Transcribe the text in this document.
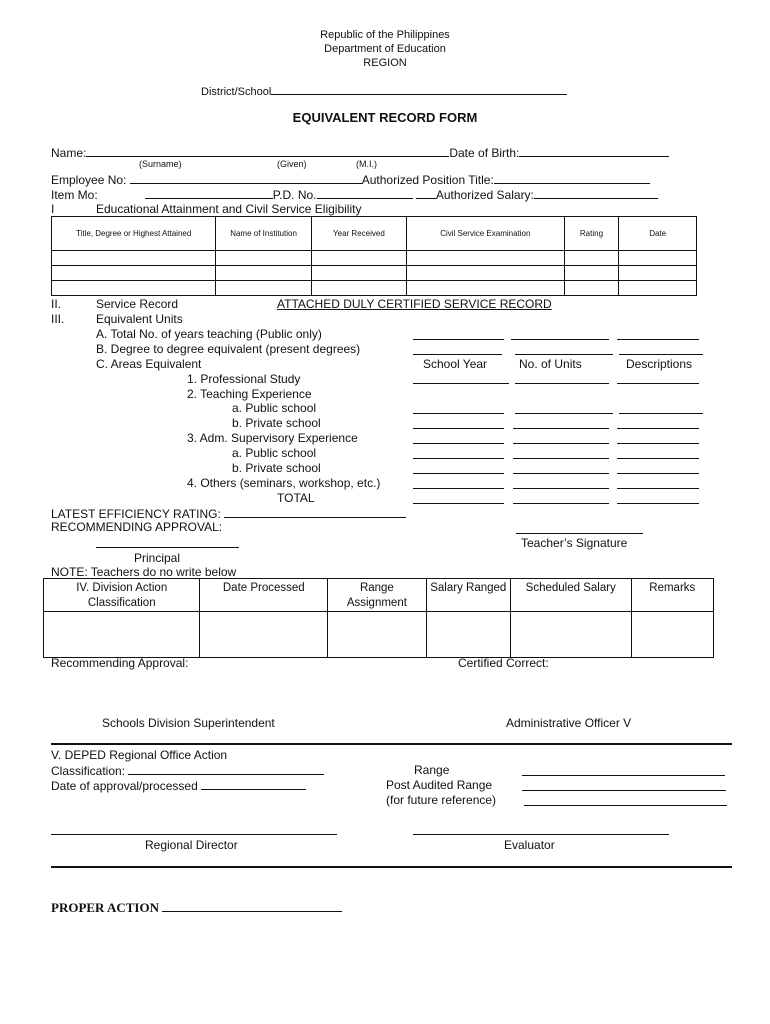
Republic of the Philippines
Department of Education
REGION
District/School
EQUIVALENT RECORD FORM
Name:	Date of Birth:
(Surname)	(Given)	(M.I.)
Employee No:	Authorized Position Title:
Item Mo:	P.D. No.	Authorized Salary:
I	Educational Attainment and Civil Service Eligibility
Title, Degree or Highest Attained	Name of Institution	Year Received	Civil Service Examination	Rating	Date

II.	Service Record	ATTACHED DULY CERTIFIED SERVICE RECORD
III.	Equivalent Units
A. Total No. of years teaching (Public only)
B. Degree to degree equivalent (present degrees)
C. Areas Equivalent	School Year	No. of Units	Descriptions
1. Professional Study
2. Teaching Experience
a. Public school
b. Private school
3. Adm. Supervisory Experience
a. Public school
b. Private school
4. Others (seminars, workshop, etc.)
TOTAL
LATEST EFFICIENCY RATING:
RECOMMENDING APPROVAL:
Teacher’s Signature
Principal
NOTE: Teachers do no write below
IV. Division Action Classification	Date Processed	Range Assignment	Salary Ranged	Scheduled Salary	Remarks

Recommending Approval:	Certified Correct:
Schools Division Superintendent	Administrative Officer V
V. DEPED Regional Office Action
Classification:
Date of approval/processed
Range
Post Audited Range
(for future reference)
Regional Director	Evaluator
PROPER ACTION
